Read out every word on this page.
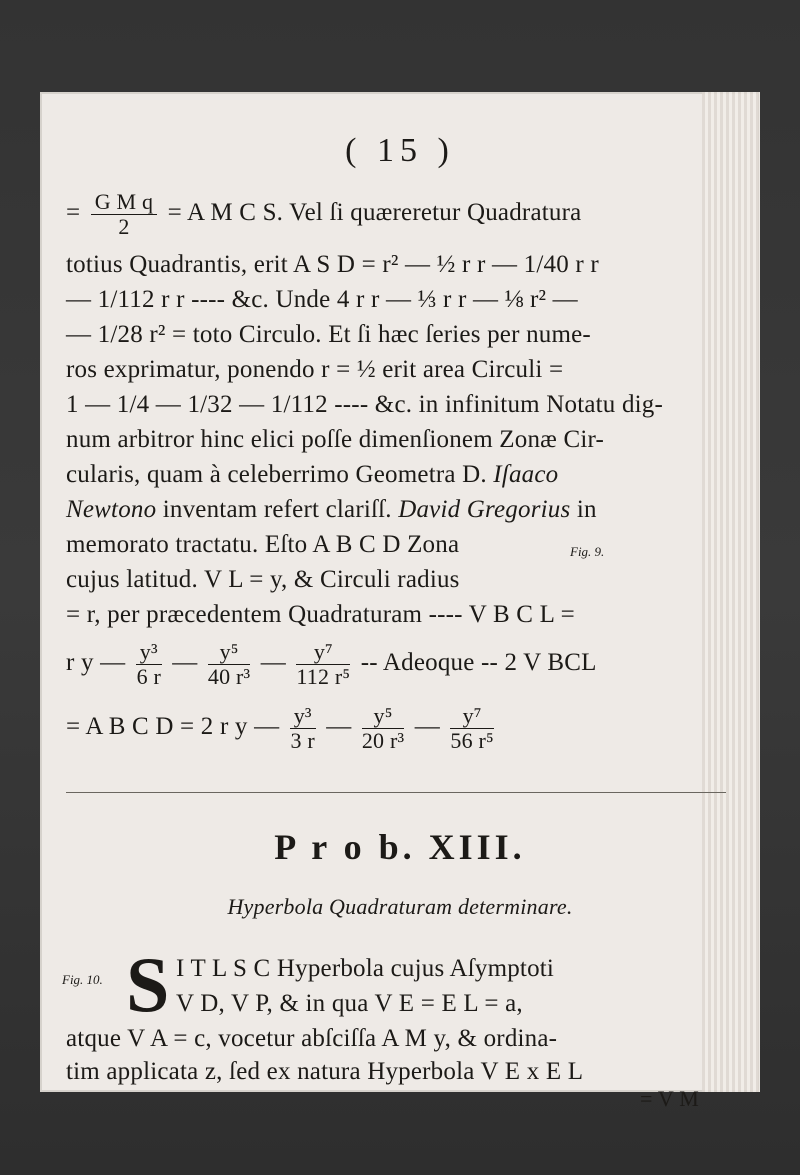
( 15 )
= $\frac{\text{G M q}}{2} = A$ M C S. Vel ſi quæreretur Quadratura
totius Quadrantis, erit A S D = r² — ½ r r — 1/40 r r
— 1/112 r r ---- &c. Unde 4 r r — ⅓ r r — ⅛ r² —
— 1/28 r² = toto Circulo. Et ſi hæc ſeries per nume-
ros exprimatur, ponendo r = ½ erit area Circuli =
1 — 1/4 — 1/32 — 1/112 ---- &c. in infinitum Notatu dig-
num arbitror hinc elici poſſe dimenſionem Zonæ Cir-
cularis, quam à celeberrimo Geometra D. Iſaaco
Newtono inventam refert clariſſ. David Gregorius in
memorato tractatu. Eſto A B C D Zona	Fig. 9.
cujus latitud. V L = y, & Circuli radius
= r, per præcedentem Quadraturam ---- V B C L =
r y — $\frac{\text{y³}}{6 r}$ — $\frac{\text{y⁵}}{\text{40 r³}}$ — $\frac{\text{y⁷}}{\text{112 r⁵}}$ -- Adeoque -- 2 V BCL
= A B C D = 2 r y — $\frac{\text{y³}}{3 r}$ — $\frac{\text{y⁵}}{\text{20 r³}}$ — $\frac{\text{y⁷}}{\text{56 r⁵}}$
P r o b. XIII.
Hyperbola Quadraturam determinare.
Fig. 10. S I T L S C Hyperbola cujus Aſymptoti
V D, V P, & in qua V E = E L = a,
atque V A = c, vocetur abſciſſa A M y, & ordina-
tim applicata z, ſed ex natura Hyperbola V E x E L
= V M
